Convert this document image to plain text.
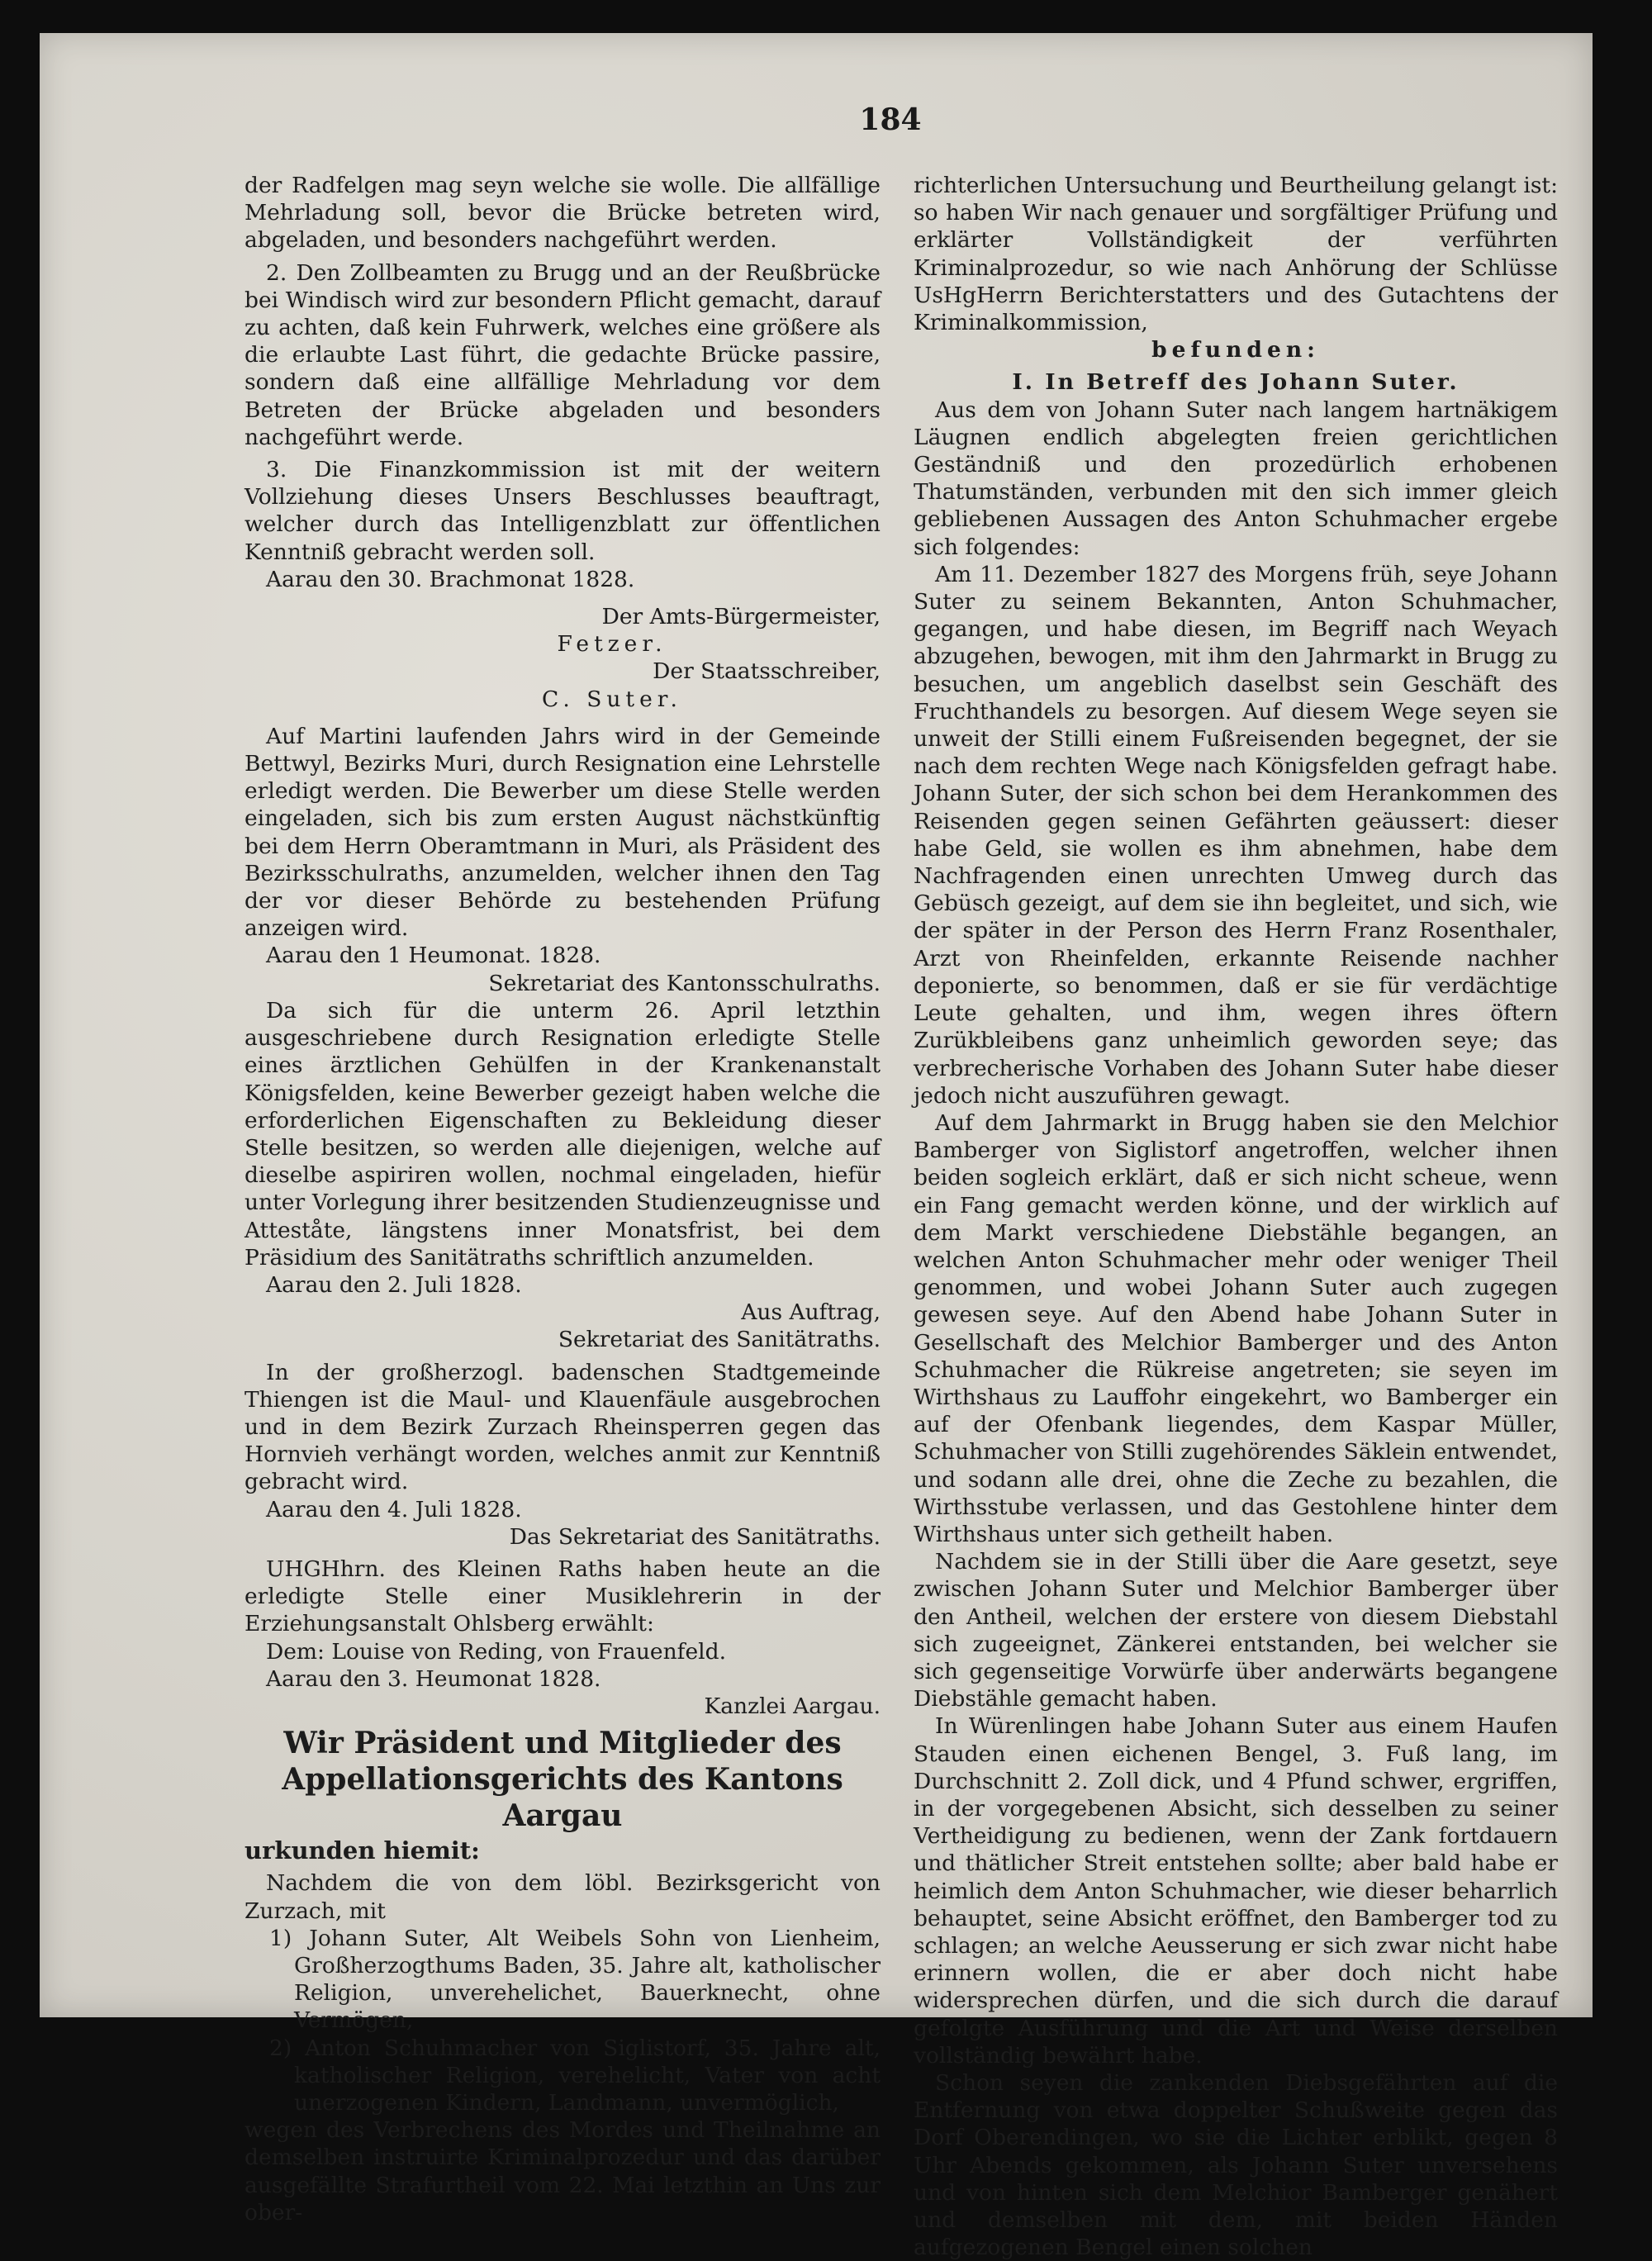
184

der Radfelgen mag seyn welche sie wolle. Die allfällige Mehrladung soll, bevor die Brücke betreten wird, abgeladen, und besonders nachgeführt werden.

2. Den Zollbeamten zu Brugg und an der Reußbrücke bei Windisch wird zur besondern Pflicht gemacht, darauf zu achten, daß kein Fuhrwerk, welches eine größere als die erlaubte Last führt, die gedachte Brücke passire, sondern daß eine allfällige Mehrladung vor dem Betreten der Brücke abgeladen und besonders nachgeführt werde.

3. Die Finanzkommission ist mit der weitern Vollziehung dieses Unsers Beschlusses beauftragt, welcher durch das Intelligenzblatt zur öffentlichen Kenntniß gebracht werden soll.

Aarau den 30. Brachmonat 1828.

Der Amts-Bürgermeister,

Fetzer.

Der Staatsschreiber,

C. Suter.

Auf Martini laufenden Jahrs wird in der Gemeinde Bettwyl, Bezirks Muri, durch Resignation eine Lehrstelle erledigt werden. Die Bewerber um diese Stelle werden eingeladen, sich bis zum ersten August nächstkünftig bei dem Herrn Oberamtmann in Muri, als Präsident des Bezirksschulraths, anzumelden, welcher ihnen den Tag der vor dieser Behörde zu bestehenden Prüfung anzeigen wird.

Aarau den 1 Heumonat. 1828.

Sekretariat des Kantonsschulraths.

Da sich für die unterm 26. April letzthin ausgeschriebene durch Resignation erledigte Stelle eines ärztlichen Gehülfen in der Krankenanstalt Königsfelden, keine Bewerber gezeigt haben welche die erforderlichen Eigenschaften zu Bekleidung dieser Stelle besitzen, so werden alle diejenigen, welche auf dieselbe aspiriren wollen, nochmal eingeladen, hiefür unter Vorlegung ihrer besitzenden Studienzeugnisse und Atteståte, längstens inner Monatsfrist, bei dem Präsidium des Sanitätraths schriftlich anzumelden.

Aarau den 2. Juli 1828.

Aus Auftrag,

Sekretariat des Sanitätraths.

In der großherzogl. badenschen Stadtgemeinde Thiengen ist die Maul- und Klauenfäule ausgebrochen und in dem Bezirk Zurzach Rheinsperren gegen das Hornvieh verhängt worden, welches anmit zur Kenntniß gebracht wird.

Aarau den 4. Juli 1828.

Das Sekretariat des Sanitätraths.

UHGHhrn. des Kleinen Raths haben heute an die erledigte Stelle einer Musiklehrerin in der Erziehungsanstalt Ohlsberg erwählt:

Dem: Louise von Reding, von Frauenfeld.

Aarau den 3. Heumonat 1828.

Kanzlei Aargau.

Wir Präsident und Mitglieder des Appellationsgerichts des Kantons Aargau

urkunden hiemit:

Nachdem die von dem löbl. Bezirksgericht von Zurzach, mit

1) Johann Suter, Alt Weibels Sohn von Lienheim, Großherzogthums Baden, 35. Jahre alt, katholischer Religion, unverehelichet, Bauerknecht, ohne Vermögen,

2) Anton Schuhmacher von Siglistorf, 35. Jahre alt, katholischer Religion, verehelicht, Vater von acht unerzogenen Kindern, Landmann, unvermöglich,

wegen des Verbrechens des Mordes und Theilnahme an demselben instruirte Kriminalprozedur und das darüber ausgefällte Strafurtheil vom 22. Mai letzthin an Uns zur ober-

richterlichen Untersuchung und Beurtheilung gelangt ist: so haben Wir nach genauer und sorgfältiger Prüfung und erklärter Vollständigkeit der verführten Kriminalprozedur, so wie nach Anhörung der Schlüsse UsHgHerrn Berichterstatters und des Gutachtens der Kriminalkommission,

befunden:

I. In Betreff des Johann Suter.

Aus dem von Johann Suter nach langem hartnäkigem Läugnen endlich abgelegten freien gerichtlichen Geständniß und den prozedürlich erhobenen Thatumständen, verbunden mit den sich immer gleich gebliebenen Aussagen des Anton Schuhmacher ergebe sich folgendes:

Am 11. Dezember 1827 des Morgens früh, seye Johann Suter zu seinem Bekannten, Anton Schuhmacher, gegangen, und habe diesen, im Begriff nach Weyach abzugehen, bewogen, mit ihm den Jahrmarkt in Brugg zu besuchen, um angeblich daselbst sein Geschäft des Fruchthandels zu besorgen. Auf diesem Wege seyen sie unweit der Stilli einem Fußreisenden begegnet, der sie nach dem rechten Wege nach Königsfelden gefragt habe. Johann Suter, der sich schon bei dem Herankommen des Reisenden gegen seinen Gefährten geäussert: dieser habe Geld, sie wollen es ihm abnehmen, habe dem Nachfragenden einen unrechten Umweg durch das Gebüsch gezeigt, auf dem sie ihn begleitet, und sich, wie der später in der Person des Herrn Franz Rosenthaler, Arzt von Rheinfelden, erkannte Reisende nachher deponierte, so benommen, daß er sie für verdächtige Leute gehalten, und ihm, wegen ihres öftern Zurükbleibens ganz unheimlich geworden seye; das verbrecherische Vorhaben des Johann Suter habe dieser jedoch nicht auszuführen gewagt.

Auf dem Jahrmarkt in Brugg haben sie den Melchior Bamberger von Siglistorf angetroffen, welcher ihnen beiden sogleich erklärt, daß er sich nicht scheue, wenn ein Fang gemacht werden könne, und der wirklich auf dem Markt verschiedene Diebstähle begangen, an welchen Anton Schuhmacher mehr oder weniger Theil genommen, und wobei Johann Suter auch zugegen gewesen seye. Auf den Abend habe Johann Suter in Gesellschaft des Melchior Bamberger und des Anton Schuhmacher die Rükreise angetreten; sie seyen im Wirthshaus zu Lauffohr eingekehrt, wo Bamberger ein auf der Ofenbank liegendes, dem Kaspar Müller, Schuhmacher von Stilli zugehörendes Säklein entwendet, und sodann alle drei, ohne die Zeche zu bezahlen, die Wirthsstube verlassen, und das Gestohlene hinter dem Wirthshaus unter sich getheilt haben.

Nachdem sie in der Stilli über die Aare gesetzt, seye zwischen Johann Suter und Melchior Bamberger über den Antheil, welchen der erstere von diesem Diebstahl sich zugeeignet, Zänkerei entstanden, bei welcher sie sich gegenseitige Vorwürfe über anderwärts begangene Diebstähle gemacht haben.

In Würenlingen habe Johann Suter aus einem Haufen Stauden einen eichenen Bengel, 3. Fuß lang, im Durchschnitt 2. Zoll dick, und 4 Pfund schwer, ergriffen, in der vorgegebenen Absicht, sich desselben zu seiner Vertheidigung zu bedienen, wenn der Zank fortdauern und thätlicher Streit entstehen sollte; aber bald habe er heimlich dem Anton Schuhmacher, wie dieser beharrlich behauptet, seine Absicht eröffnet, den Bamberger tod zu schlagen; an welche Aeusserung er sich zwar nicht habe erinnern wollen, die er aber doch nicht habe widersprechen dürfen, und die sich durch die darauf gefolgte Ausführung und die Art und Weise derselben vollständig bewährt habe.

Schon seyen die zankenden Diebsgefährten auf die Entfernung von etwa doppelter Schußweite gegen das Dorf Oberendingen, wo sie die Lichter erblikt, gegen 8 Uhr Abends gekommen, als Johann Suter unversehens und von hinten sich dem Melchior Bamberger genähert und demselben mit dem, mit beiden Händen aufgezogenen Bengel einen solchen
